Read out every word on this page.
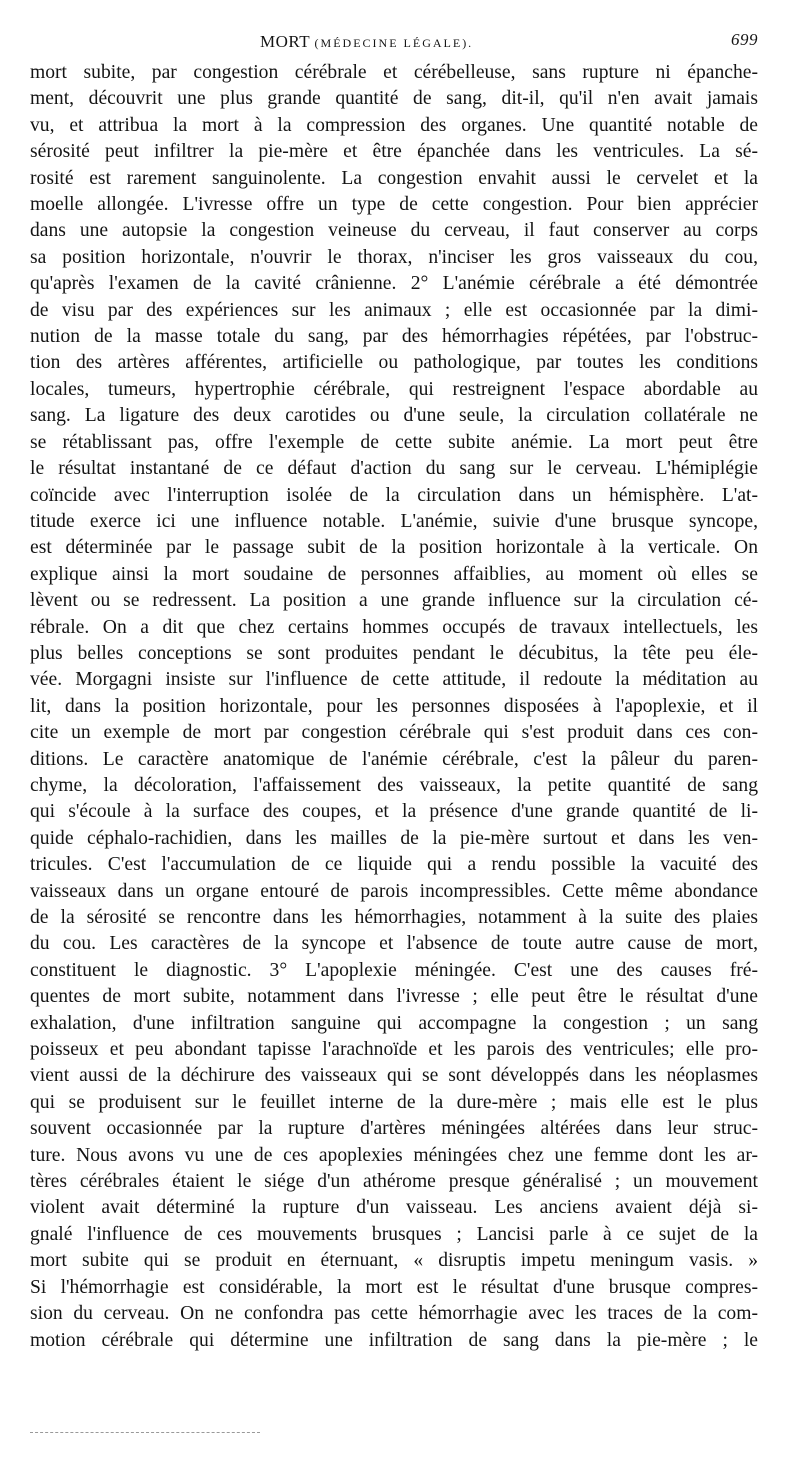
MORT (MÉDECINE LÉGALE).	699
mort subite, par congestion cérébrale et cérébelleuse, sans rupture ni épanche-
ment, découvrit une plus grande quantité de sang, dit-il, qu'il n'en avait jamais
vu, et attribua la mort à la compression des organes. Une quantité notable de
sérosité peut infiltrer la pie-mère et être épanchée dans les ventricules. La sé-
rosité est rarement sanguinolente. La congestion envahit aussi le cervelet et la
moelle allongée. L'ivresse offre un type de cette congestion. Pour bien apprécier
dans une autopsie la congestion veineuse du cerveau, il faut conserver au corps
sa position horizontale, n'ouvrir le thorax, n'inciser les gros vaisseaux du cou,
qu'après l'examen de la cavité crânienne. 2° L'anémie cérébrale a été démontrée
de visu par des expériences sur les animaux ; elle est occasionnée par la dimi-
nution de la masse totale du sang, par des hémorrhagies répétées, par l'obstruc-
tion des artères afférentes, artificielle ou pathologique, par toutes les conditions
locales, tumeurs, hypertrophie cérébrale, qui restreignent l'espace abordable au
sang. La ligature des deux carotides ou d'une seule, la circulation collatérale ne
se rétablissant pas, offre l'exemple de cette subite anémie. La mort peut être
le résultat instantané de ce défaut d'action du sang sur le cerveau. L'hémiplégie
coïncide avec l'interruption isolée de la circulation dans un hémisphère. L'at-
titude exerce ici une influence notable. L'anémie, suivie d'une brusque syncope,
est déterminée par le passage subit de la position horizontale à la verticale. On
explique ainsi la mort soudaine de personnes affaiblies, au moment où elles se
lèvent ou se redressent. La position a une grande influence sur la circulation cé-
rébrale. On a dit que chez certains hommes occupés de travaux intellectuels, les
plus belles conceptions se sont produites pendant le décubitus, la tête peu éle-
vée. Morgagni insiste sur l'influence de cette attitude, il redoute la méditation au
lit, dans la position horizontale, pour les personnes disposées à l'apoplexie, et il
cite un exemple de mort par congestion cérébrale qui s'est produit dans ces con-
ditions. Le caractère anatomique de l'anémie cérébrale, c'est la pâleur du paren-
chyme, la décoloration, l'affaissement des vaisseaux, la petite quantité de sang
qui s'écoule à la surface des coupes, et la présence d'une grande quantité de li-
quide céphalo-rachidien, dans les mailles de la pie-mère surtout et dans les ven-
tricules. C'est l'accumulation de ce liquide qui a rendu possible la vacuité des
vaisseaux dans un organe entouré de parois incompressibles. Cette même abondance
de la sérosité se rencontre dans les hémorrhagies, notamment à la suite des plaies
du cou. Les caractères de la syncope et l'absence de toute autre cause de mort,
constituent le diagnostic. 3° L'apoplexie méningée. C'est une des causes fré-
quentes de mort subite, notamment dans l'ivresse ; elle peut être le résultat d'une
exhalation, d'une infiltration sanguine qui accompagne la congestion ; un sang
poisseux et peu abondant tapisse l'arachnoïde et les parois des ventricules; elle pro-
vient aussi de la déchirure des vaisseaux qui se sont développés dans les néoplasmes
qui se produisent sur le feuillet interne de la dure-mère ; mais elle est le plus
souvent occasionnée par la rupture d'artères méningées altérées dans leur struc-
ture. Nous avons vu une de ces apoplexies méningées chez une femme dont les ar-
tères cérébrales étaient le siége d'un athérome presque généralisé ; un mouvement
violent avait déterminé la rupture d'un vaisseau. Les anciens avaient déjà si-
gnalé l'influence de ces mouvements brusques ; Lancisi parle à ce sujet de la
mort subite qui se produit en éternuant, « disruptis impetu meningum vasis. »
Si l'hémorrhagie est considérable, la mort est le résultat d'une brusque compres-
sion du cerveau. On ne confondra pas cette hémorrhagie avec les traces de la com-
motion cérébrale qui détermine une infiltration de sang dans la pie-mère ; le
